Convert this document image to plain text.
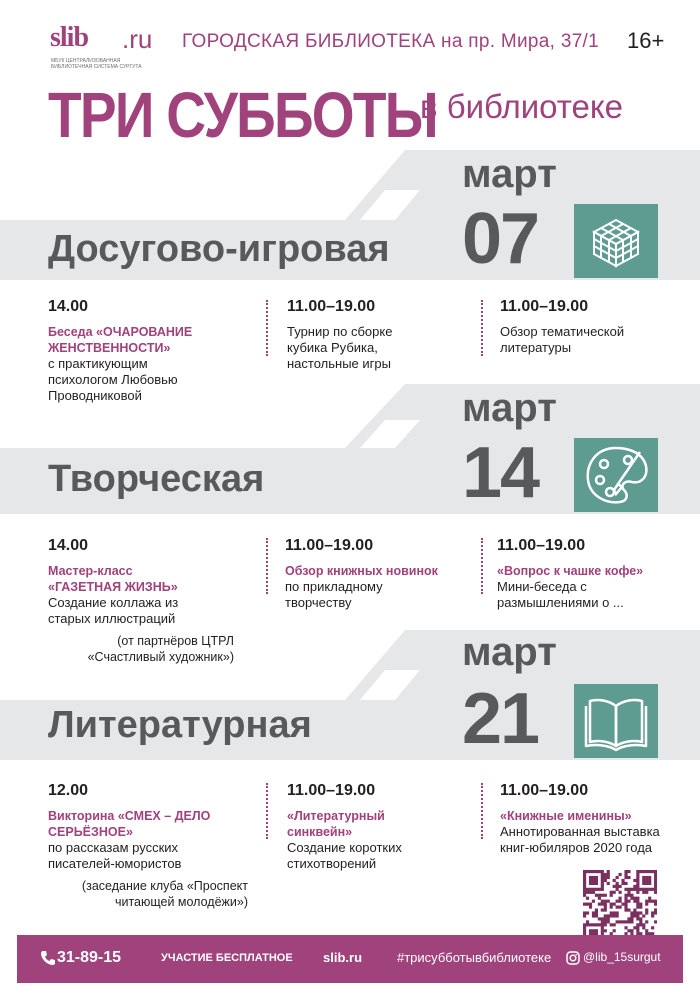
slib .ru
МБУК ЦЕНТРАЛИЗОВАННАЯ БИБЛИОТЕЧНАЯ СИСТЕМА СУРГУТА
ГОРОДСКАЯ БИБЛИОТЕКА на пр. Мира, 37/1 16+
ТРИ СУББОТЫ
в библиотеке
март
07
Досугово-игровая
14.00
Беседа «ОЧАРОВАНИЕ ЖЕНСТВЕННОСТИ»
с практикующим психологом Любовью Проводниковой
11.00–19.00
Турнир по сборке кубика Рубика, настольные игры
11.00–19.00
Обзор тематической литературы
март
14
Творческая
14.00
Мастер-класс «ГАЗЕТНАЯ ЖИЗНЬ»
Создание коллажа из старых иллюстраций
(от партнёров ЦТРЛ «Счастливый художник»)
11.00–19.00
Обзор книжных новинок
по прикладному творчеству
11.00–19.00
«Вопрос к чашке кофе»
Мини-беседа с размышлениями о ...
март
21
Литературная
12.00
Викторина «СМЕХ – ДЕЛО СЕРЬЁЗНОЕ»
по рассказам русских писателей-юмористов
(заседание клуба «Проспект читающей молодёжи»)
11.00–19.00
«Литературный синквейн»
Создание коротких стихотворений
11.00–19.00
«Книжные именины»
Аннотированная выставка книг-юбиляров 2020 года
31-89-15	УЧАСТИЕ БЕСПЛАТНОЕ slib.ru	#трисубботывбиблиотеке	@lib_15surgut
